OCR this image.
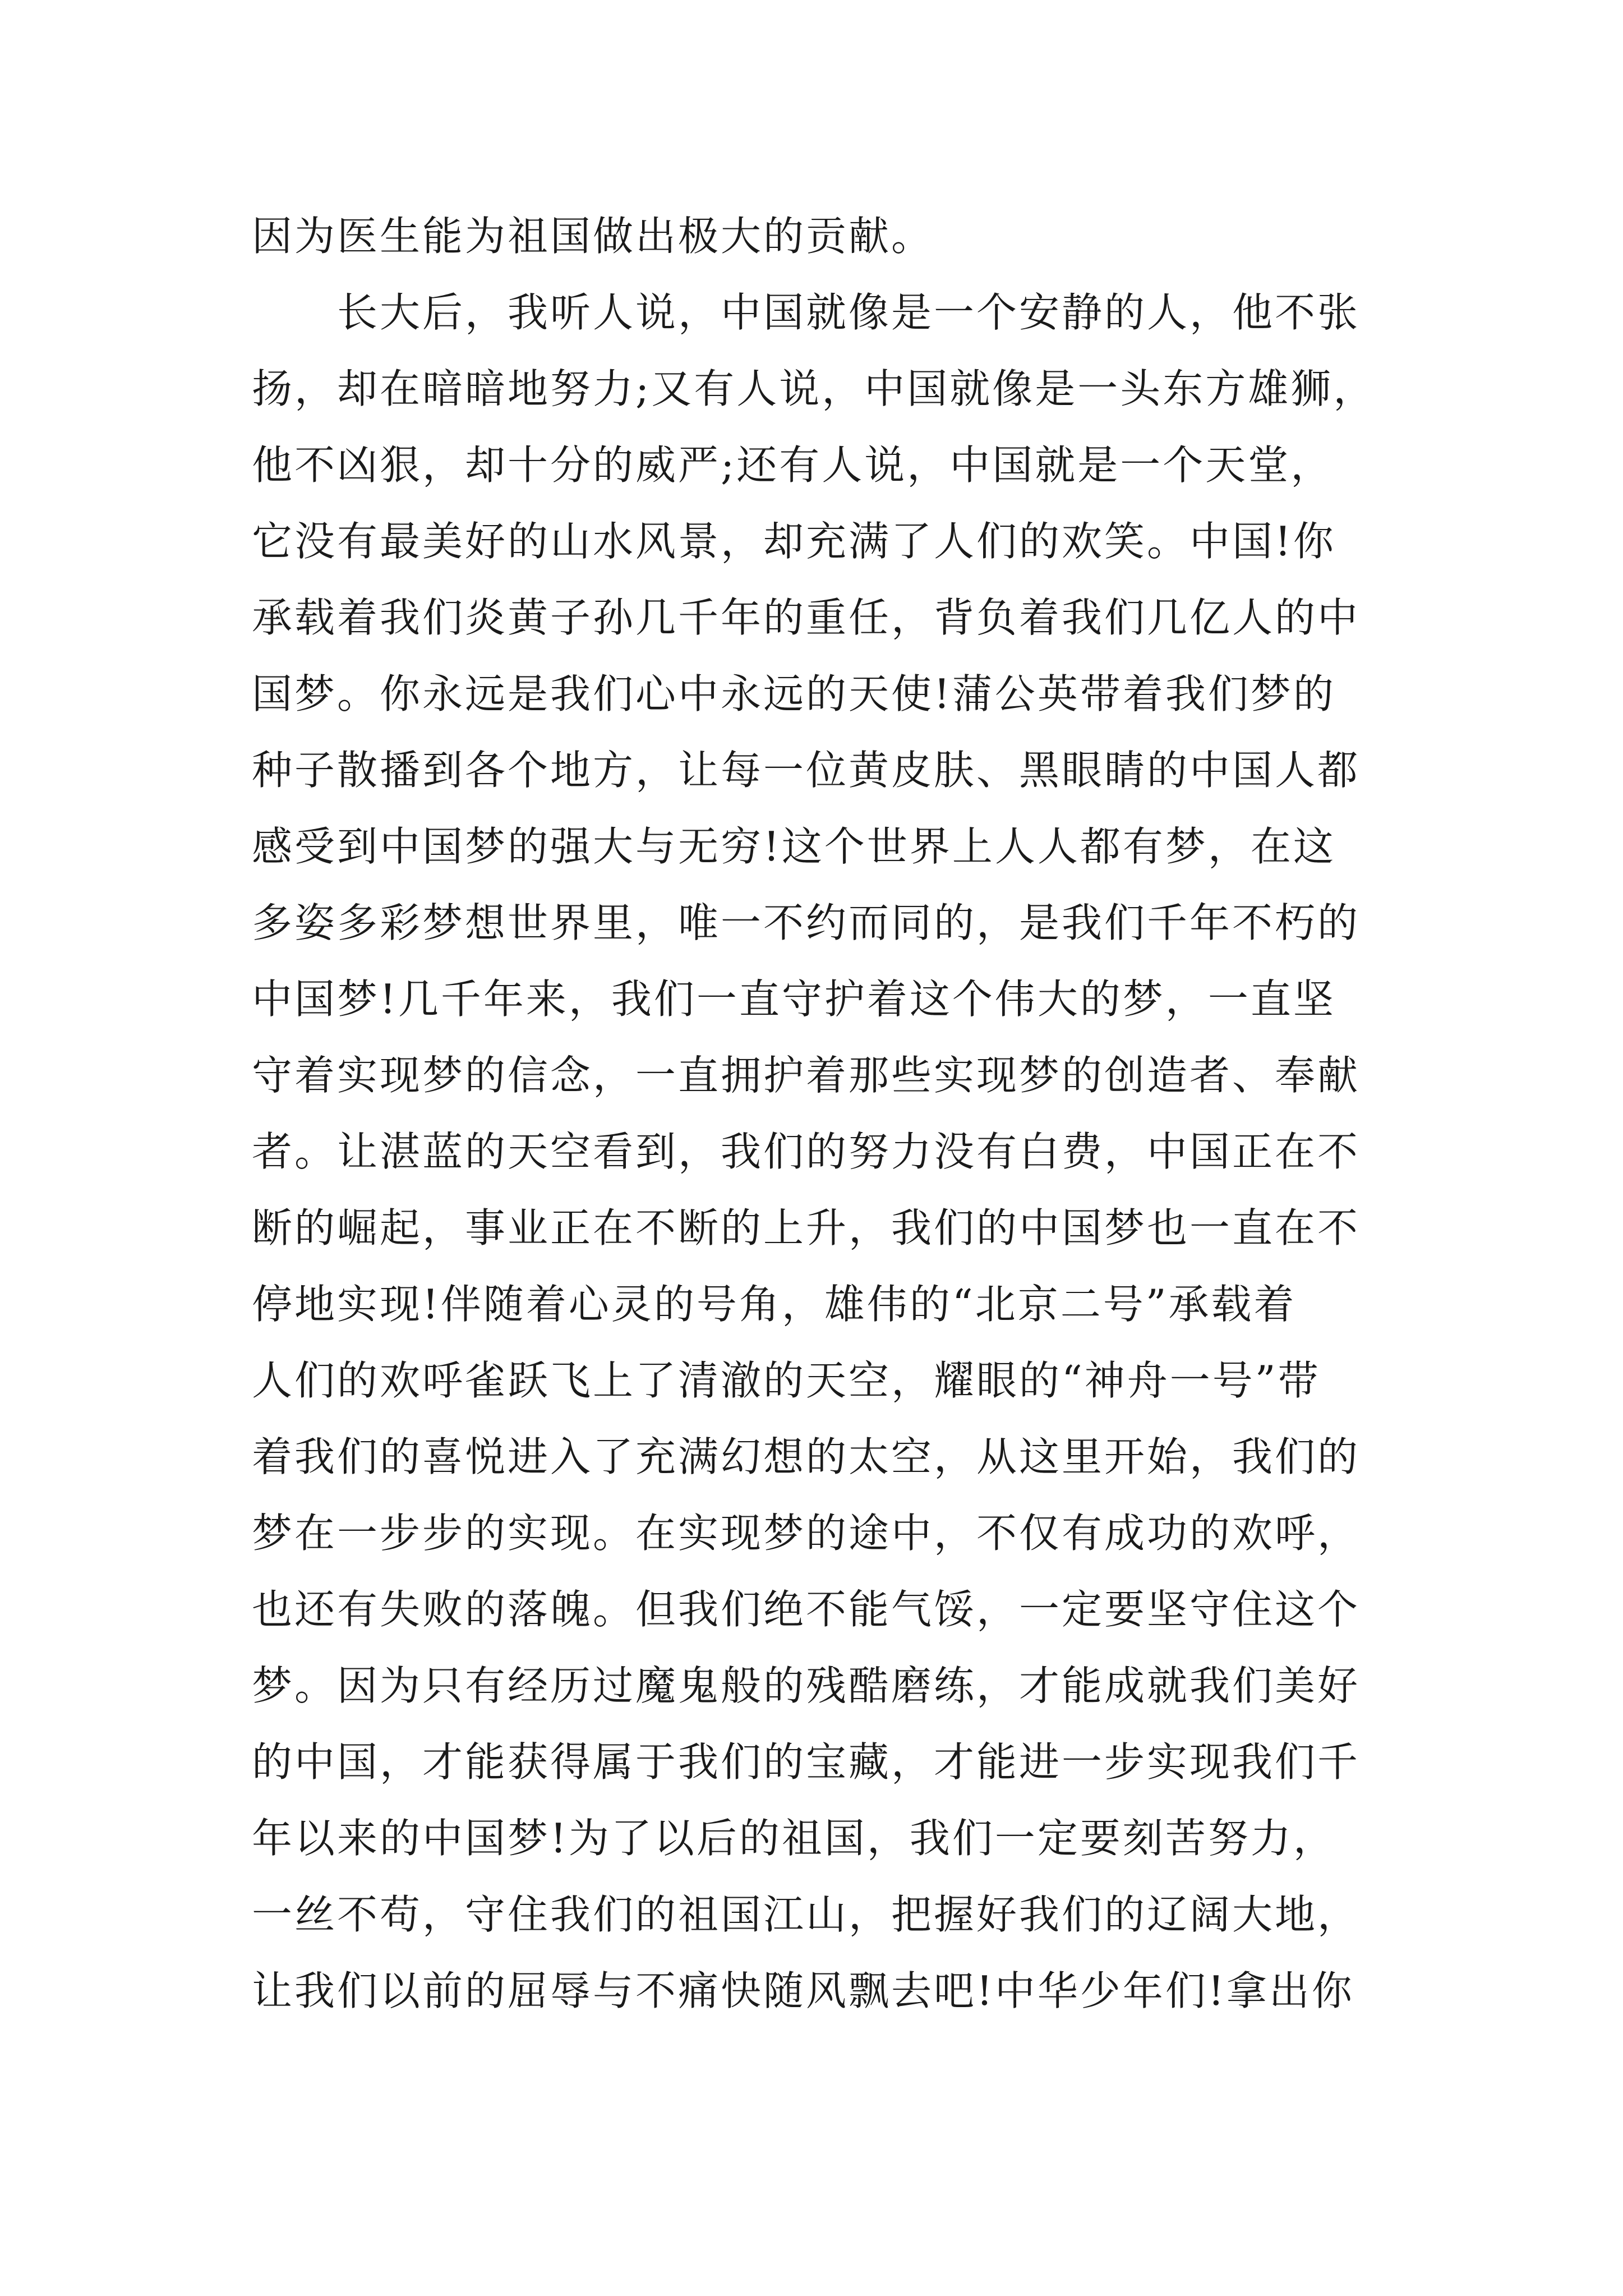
因为医生能为祖国做出极大的贡献。
　　长大后，我听人说，中国就像是一个安静的人，他不张
扬，却在暗暗地努力;又有人说，中国就像是一头东方雄狮，
他不凶狠，却十分的威严;还有人说，中国就是一个天堂，
它没有最美好的山水风景，却充满了人们的欢笑。中国!你
承载着我们炎黄子孙几千年的重任，背负着我们几亿人的中
国梦。你永远是我们心中永远的天使!蒲公英带着我们梦的
种子散播到各个地方，让每一位黄皮肤、黑眼睛的中国人都
感受到中国梦的强大与无穷!这个世界上人人都有梦，在这
多姿多彩梦想世界里，唯一不约而同的，是我们千年不朽的
中国梦!几千年来，我们一直守护着这个伟大的梦，一直坚
守着实现梦的信念，一直拥护着那些实现梦的创造者、奉献
者。让湛蓝的天空看到，我们的努力没有白费，中国正在不
断的崛起，事业正在不断的上升，我们的中国梦也一直在不
停地实现!伴随着心灵的号角，雄伟的“北京二号”承载着
人们的欢呼雀跃飞上了清澈的天空，耀眼的“神舟一号”带
着我们的喜悦进入了充满幻想的太空，从这里开始，我们的
梦在一步步的实现。在实现梦的途中，不仅有成功的欢呼，
也还有失败的落魄。但我们绝不能气馁，一定要坚守住这个
梦。因为只有经历过魔鬼般的残酷磨练，才能成就我们美好
的中国，才能获得属于我们的宝藏，才能进一步实现我们千
年以来的中国梦!为了以后的祖国，我们一定要刻苦努力，
一丝不苟，守住我们的祖国江山，把握好我们的辽阔大地，
让我们以前的屈辱与不痛快随风飘去吧!中华少年们!拿出你
